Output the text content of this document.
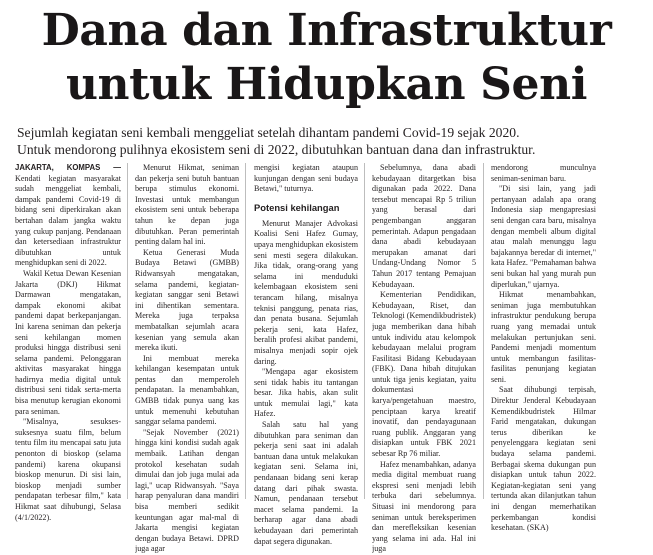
Dana dan Infrastruktur
untuk Hidupkan Seni
Sejumlah kegiatan seni kembali menggeliat setelah dihantam pandemi Covid-19 sejak 2020.
Untuk mendorong pulihnya ekosistem seni di 2022, dibutuhkan bantuan dana dan infrastruktur.

JAKARTA, KOMPAS — Kendati kegiatan masyarakat sudah menggeliat kembali, dampak pandemi Covid-19 di bidang seni diperkirakan akan bertahan dalam jangka waktu yang cukup panjang. Pendanaan dan ketersediaan infrastruktur dibutuhkan untuk menghidupkan seni di 2022.

Wakil Ketua Dewan Kesenian Jakarta (DKJ) Hikmat Darmawan mengatakan, dampak ekonomi akibat pandemi dapat berkepanjangan. Ini karena seniman dan pekerja seni kehilangan momen produksi hingga distribusi seni selama pandemi. Pelonggaran aktivitas masyarakat hingga hadirnya media digital untuk distribusi seni tidak serta-merta bisa menutup kerugian ekonomi para seniman.

"Misalnya, sesukses-suksesnya suatu film, belum tentu film itu mencapai satu juta penonton di bioskop (selama pandemi) karena okupansi bioskop menurun. Di sisi lain, bioskop menjadi sumber pendapatan terbesar film," kata Hikmat saat dihubungi, Selasa (4/1/2022).

Menurut Hikmat, seniman dan pekerja seni butuh bantuan berupa stimulus ekonomi. Investasi untuk membangun ekosistem seni untuk beberapa tahun ke depan juga dibutuhkan. Peran pemerintah penting dalam hal ini.

Ketua Generasi Muda Budaya Betawi (GMBB) Ridwansyah mengatakan, selama pandemi, kegiatan-kegiatan sanggar seni Betawi ini dihentikan sementara. Mereka juga terpaksa membatalkan sejumlah acara kesenian yang semula akan mereka ikuti.

Ini membuat mereka kehilangan kesempatan untuk pentas dan memperoleh pendapatan. Ia menambahkan, GMBB tidak punya uang kas untuk memenuhi kebutuhan sanggar selama pandemi.

"Sejak November (2021) hingga kini kondisi sudah agak membaik. Latihan dengan protokol kesehatan sudah dimulai dan job juga mulai ada lagi," ucap Ridwansyah. "Saya harap penyaluran dana mandiri bisa memberi sedikit keuntungan agar mal-mal di Jakarta mengisi kegiatan dengan budaya Betawi. DPRD juga agar

mengisi kegiatan ataupun kunjungan dengan seni budaya Betawi," tuturnya.

Potensi kehilangan

Menurut Manajer Advokasi Koalisi Seni Hafez Gumay, upaya menghidupkan ekosistem seni mesti segera dilakukan. Jika tidak, orang-orang yang selama ini menduduki kelembagaan ekosistem seni terancam hilang, misalnya teknisi panggung, penata rias, dan penata busana. Sejumlah pekerja seni, kata Hafez, beralih profesi akibat pandemi, misalnya menjadi sopir ojek daring.

"Mengapa agar ekosistem seni tidak habis itu tantangan besar. Jika habis, akan sulit untuk memulai lagi," kata Hafez.

Salah satu hal yang dibutuhkan para seniman dan pekerja seni saat ini adalah bantuan dana untuk melakukan kegiatan seni. Selama ini, pendanaan bidang seni kerap datang dari pihak swasta. Namun, pendanaan tersebut macet selama pandemi. Ia berharap agar dana abadi kebudayaan dari pemerintah dapat segera digunakan.

Sebelumnya, dana abadi kebudayaan ditargetkan bisa digunakan pada 2022. Dana tersebut mencapai Rp 5 triliun yang berasal dari pengembangan anggaran pemerintah. Adapun pengadaan dana abadi kebudayaan merupakan amanat dari Undang-Undang Nomor 5 Tahun 2017 tentang Pemajuan Kebudayaan.

Kementerian Pendidikan, Kebudayaan, Riset, dan Teknologi (Kemendikbudristek) juga memberikan dana hibah untuk individu atau kelompok kebudayaan melalui program Fasilitasi Bidang Kebudayaan (FBK). Dana hibah ditujukan untuk tiga jenis kegiatan, yaitu dokumentasi karya/pengetahuan maestro, penciptaan karya kreatif inovatif, dan pendayagunaan ruang publik. Anggaran yang disiapkan untuk FBK 2021 sebesar Rp 76 miliar.

Hafez menambahkan, adanya media digital membuat ruang ekspresi seni menjadi lebih terbuka dari sebelumnya. Situasi ini mendorong para seniman untuk bereksperimen dan merefleksikan kesenian yang selama ini ada. Hal ini juga

mendorong munculnya seniman-seniman baru.

"Di sisi lain, yang jadi pertanyaan adalah apa orang Indonesia siap mengapresiasi seni dengan cara baru, misalnya dengan membeli album digital atau malah menunggu lagu bajakannya beredar di internet," kata Hafez. "Pemahaman bahwa seni bukan hal yang murah pun diperlukan," ujarnya.

Hikmat menambahkan, seniman juga membutuhkan infrastruktur pendukung berupa ruang yang memadai untuk melakukan pertunjukan seni. Pandemi menjadi momentum untuk membangun fasilitas-fasilitas penunjang kegiatan seni.

Saat dihubungi terpisah, Direktur Jenderal Kebudayaan Kemendikbudristek Hilmar Farid mengatakan, dukungan terus diberikan ke penyelenggara kegiatan seni budaya selama pandemi. Berbagai skema dukungan pun disiapkan untuk tahun 2022. Kegiatan-kegiatan seni yang tertunda akan dilanjutkan tahun ini dengan memerhatikan perkembangan kondisi kesehatan. (SKA)
